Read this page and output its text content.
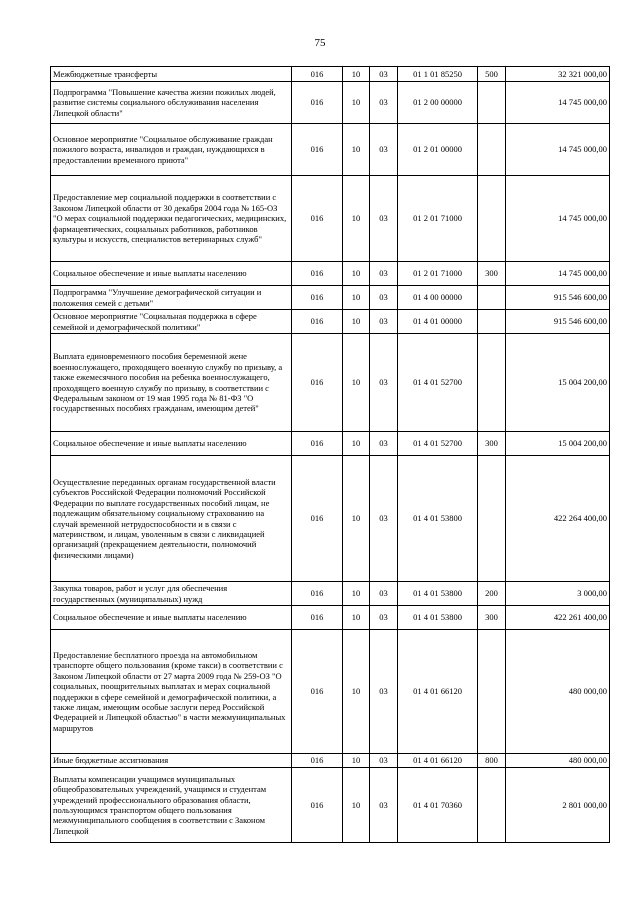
75
Межбюджетные трансферты	016	10	03	01 1 01 85250	500	32 321 000,00
Подпрограмма "Повышение качества жизни пожилых людей, развитие системы социального обслуживания населения Липецкой области"	016	10	03	01 2 00 00000		14 745 000,00
Основное мероприятие "Социальное обслуживание граждан пожилого возраста, инвалидов и граждан, нуждающихся в предоставлении временного приюта"	016	10	03	01 2 01 00000		14 745 000,00
Предоставление мер социальной поддержки в соответствии с Законом Липецкой области от 30 декабря 2004 года № 165-ОЗ "О мерах социальной поддержки педагогических, медицинских, фармацевтических, социальных работников, работников культуры и искусств, специалистов ветеринарных служб"	016	10	03	01 2 01 71000		14 745 000,00
Социальное обеспечение и иные выплаты населению	016	10	03	01 2 01 71000	300	14 745 000,00
Подпрограмма "Улучшение демографической ситуации и положения семей с детьми"	016	10	03	01 4 00 00000		915 546 600,00
Основное мероприятие "Социальная поддержка в сфере семейной и демографической политики"	016	10	03	01 4 01 00000		915 546 600,00
Выплата единовременного пособия беременной жене военнослужащего, проходящего военную службу по призыву, а также ежемесячного пособия на ребенка военнослужащего, проходящего военную службу по призыву, в соответствии с Федеральным законом от 19 мая 1995 года № 81-ФЗ "О государственных пособиях гражданам, имеющим детей"	016	10	03	01 4 01 52700		15 004 200,00
Социальное обеспечение и иные выплаты населению	016	10	03	01 4 01 52700	300	15 004 200,00
Осуществление переданных органам государственной власти субъектов Российской Федерации полномочий Российской Федерации по выплате государственных пособий лицам, не подлежащим обязательному социальному страхованию на случай временной нетрудоспособности и в связи с материнством, и лицам, уволенным в связи с ликвидацией организаций (прекращением деятельности, полномочий физическими лицами)	016	10	03	01 4 01 53800		422 264 400,00
Закупка товаров, работ и услуг для обеспечения государственных (муниципальных) нужд	016	10	03	01 4 01 53800	200	3 000,00
Социальное обеспечение и иные выплаты населению	016	10	03	01 4 01 53800	300	422 261 400,00
Предоставление бесплатного проезда на автомобильном транспорте общего пользования (кроме такси) в соответствии с Законом Липецкой области от 27 марта 2009 года № 259-ОЗ "О социальных, поощрительных выплатах и мерах социальной поддержки в сфере семейной и демографической политики, а также лицам, имеющим особые заслуги перед Российской Федерацией и Липецкой областью" в части межмуниципальных маршрутов	016	10	03	01 4 01 66120		480 000,00
Иные бюджетные ассигнования	016	10	03	01 4 01 66120	800	480 000,00
Выплаты компенсации учащимся муниципальных общеобразовательных учреждений, учащимся и студентам учреждений профессионального образования области, пользующимся транспортом общего пользования межмуниципального сообщения в соответствии с Законом Липецкой	016	10	03	01 4 01 70360		2 801 000,00
